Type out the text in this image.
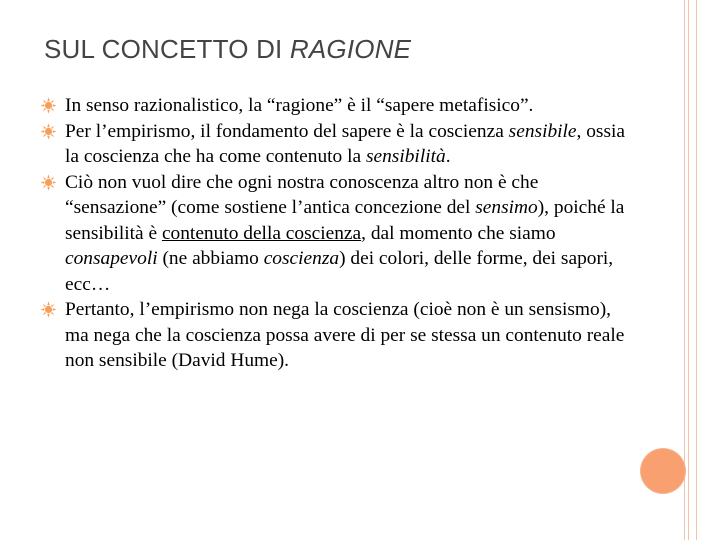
SUL CONCETTO DI RAGIONE
In senso razionalistico, la “ragione” è il “sapere metafisico”.
Per l’empirismo, il fondamento del sapere è la coscienza sensibile, ossia la coscienza che ha come contenuto la sensibilità.
Ciò non vuol dire che ogni nostra conoscenza altro non è che “sensazione” (come sostiene l’antica concezione del sensimo), poiché la sensibilità è contenuto della coscienza, dal momento che siamo consapevoli (ne abbiamo coscienza) dei colori, delle forme, dei sapori, ecc…
Pertanto, l’empirismo non nega la coscienza (cioè non è un sensismo), ma nega che la coscienza possa avere di per se stessa un contenuto reale non sensibile (David Hume).
